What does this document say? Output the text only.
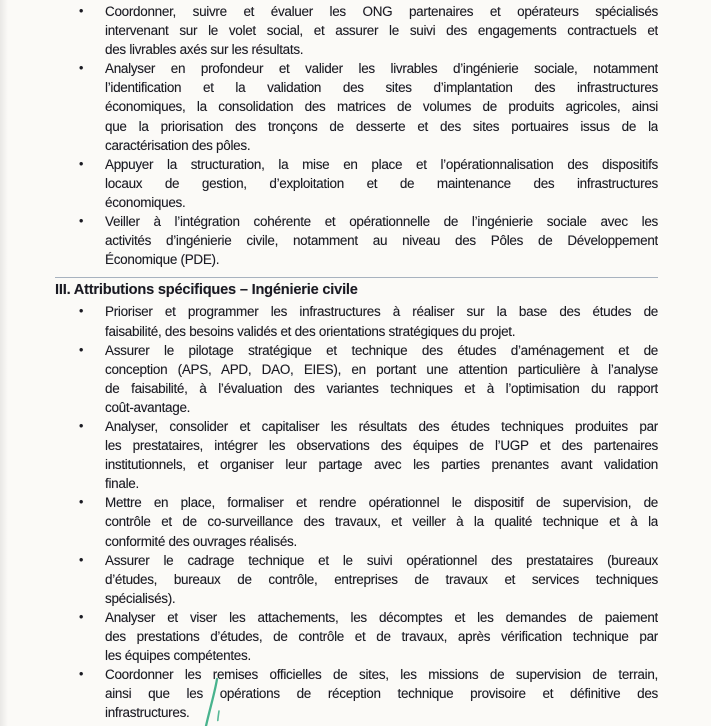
•	Coordonner, suivre et évaluer les ONG partenaires et opérateurs spécialisés
intervenant sur le volet social, et assurer le suivi des engagements contractuels et
des livrables axés sur les résultats.
•	Analyser en profondeur et valider les livrables d’ingénierie sociale, notamment
l’identification et la validation des sites d’implantation des infrastructures
économiques, la consolidation des matrices de volumes de produits agricoles, ainsi
que la priorisation des tronçons de desserte et des sites portuaires issus de la
caractérisation des pôles.
•	Appuyer la structuration, la mise en place et l’opérationnalisation des dispositifs
locaux de gestion, d’exploitation et de maintenance des infrastructures
économiques.
•	Veiller à l’intégration cohérente et opérationnelle de l’ingénierie sociale avec les
activités d’ingénierie civile, notamment au niveau des Pôles de Développement
Économique (PDE).
III. Attributions spécifiques – Ingénierie civile
•	Prioriser et programmer les infrastructures à réaliser sur la base des études de
faisabilité, des besoins validés et des orientations stratégiques du projet.
•	Assurer le pilotage stratégique et technique des études d’aménagement et de
conception (APS, APD, DAO, EIES), en portant une attention particulière à l’analyse
de faisabilité, à l’évaluation des variantes techniques et à l’optimisation du rapport
coût-avantage.
•	Analyser, consolider et capitaliser les résultats des études techniques produites par
les prestataires, intégrer les observations des équipes de l’UGP et des partenaires
institutionnels, et organiser leur partage avec les parties prenantes avant validation
finale.
•	Mettre en place, formaliser et rendre opérationnel le dispositif de supervision, de
contrôle et de co-surveillance des travaux, et veiller à la qualité technique et à la
conformité des ouvrages réalisés.
•	Assurer le cadrage technique et le suivi opérationnel des prestataires (bureaux
d’études, bureaux de contrôle, entreprises de travaux et services techniques
spécialisés).
•	Analyser et viser les attachements, les décomptes et les demandes de paiement
des prestations d’études, de contrôle et de travaux, après vérification technique par
les équipes compétentes.
•	Coordonner les remises officielles de sites, les missions de supervision de terrain,
ainsi que les opérations de réception technique provisoire et définitive des
infrastructures.
